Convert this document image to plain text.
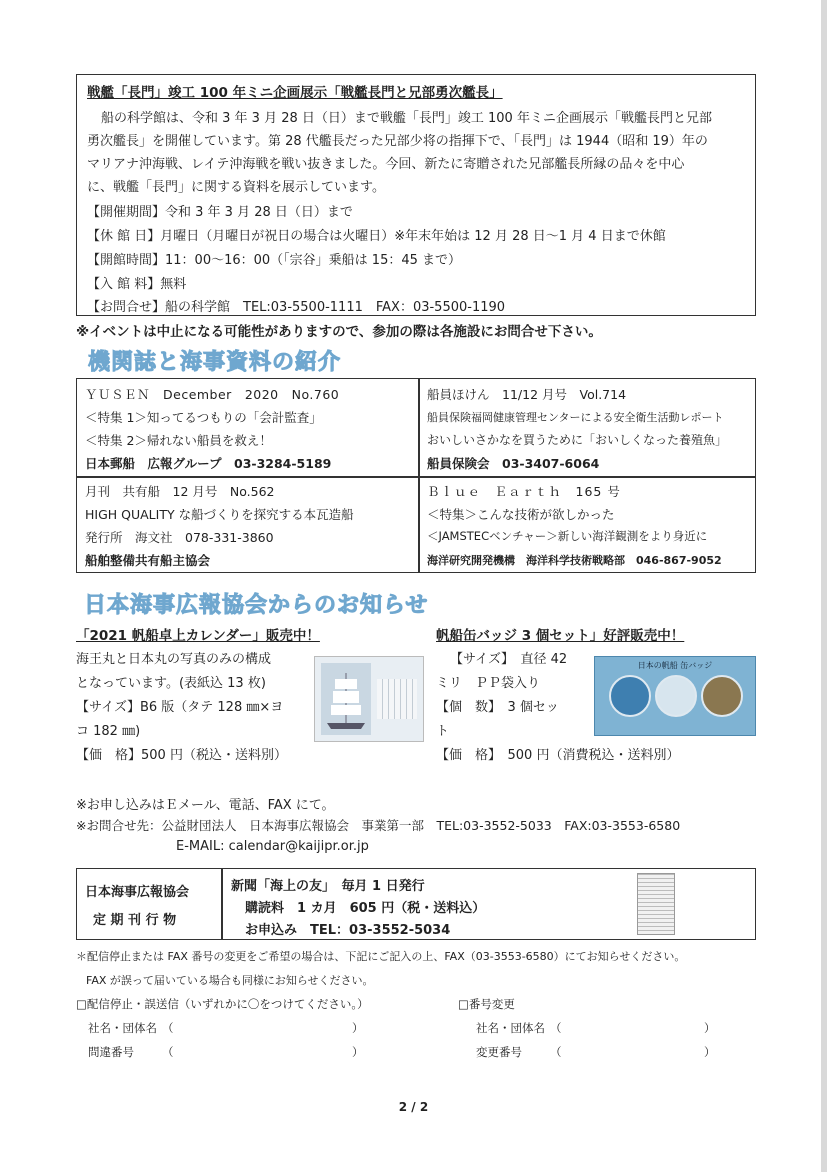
戦艦「長門」竣工 100 年ミニ企画展示「戦艦長門と兄部勇次艦長」
船の科学館は、令和 3 年 3 月 28 日（日）まで戦艦「長門」竣工 100 年ミニ企画展示「戦艦長門と兄部
勇次艦長」を開催しています。第 28 代艦長だった兄部少将の指揮下で、「長門」は 1944（昭和 19）年の
マリアナ沖海戦、レイテ沖海戦を戦い抜きました。今回、新たに寄贈された兄部艦長所縁の品々を中心
に、戦艦「長門」に関する資料を展示しています。
【開催期間】令和 3 年 3 月 28 日（日）まで
【休 館 日】月曜日（月曜日が祝日の場合は火曜日）※年末年始は 12 月 28 日～1 月 4 日まで休館
【開館時間】11：00～16：00（「宗谷」乗船は 15：45 まで）
【入 館 料】無料
【お問合せ】船の科学館　TEL:03-5500-1111　FAX：03-5500-1190
※イベントは中止になる可能性がありますので、参加の際は各施設にお問合せ下さい。
機関誌と海事資料の紹介
ＹＵＳＥＮ　December　2020　No.760
＜特集 1＞知ってるつもりの「会計監査」
＜特集 2＞帰れない船員を救え！
日本郵船　広報グループ　03-3284-5189
船員ほけん　11/12 月号　Vol.714
船員保険福岡健康管理センターによる安全衛生活動レポート
おいしいさかなを買うために「おいしくなった養殖魚」
船員保険会　03-3407-6064
月刊　共有船　12 月号　No.562
HIGH QUALITY な船づくりを探究する本瓦造船
発行所　海文社　078-331-3860
船舶整備共有船主協会
Ｂｌｕｅ　Ｅａｒｔｈ　165 号
＜特集＞こんな技術が欲しかった
＜JAMSTECベンチャー＞新しい海洋観測をより身近に
海洋研究開発機構　海洋科学技術戦略部　046-867-9052
日本海事広報協会からのお知らせ
「2021 帆船卓上カレンダー」販売中！
海王丸と日本丸の写真のみの構成
となっています。(表紙込 13 枚)
【サイズ】B6 版（タテ 128 ㎜×ヨ
コ 182 ㎜)
【価　格】500 円（税込・送料別）
帆船缶バッジ 3 個セット」好評販売中！
【サイズ】　直径 42
ミリ　ＰＰ袋入り
【個　数】　3 個セッ
ト
【価　格】　500 円（消費税込・送料別）
日本の帆船 缶バッジ
※お申し込みはＥメール、電話、FAX にて。
※お問合せ先：公益財団法人　日本海事広報協会　事業第一部　TEL:03-3552-5033　FAX:03-3553-6580
E-MAIL: calendar@kaijipr.or.jp
日本海事広報協会
定 期 刊 行 物
新聞「海上の友」　毎月 1 日発行
購読料　1 カ月　605 円（税・送料込）
お申込み　TEL：03-3552-5034
＊配信停止または FAX 番号の変更をご希望の場合は、下記にご記入の上、FAX（03-3553-6580）にてお知らせください。
FAX が誤って届いている場合も同様にお知らせください。
□配信停止・誤送信（いずれかに〇をつけてください。）	□番号変更
社名・団体名 （	）
問違番号 （	）
社名・団体名 （	）
変更番号 （	）
2 / 2
